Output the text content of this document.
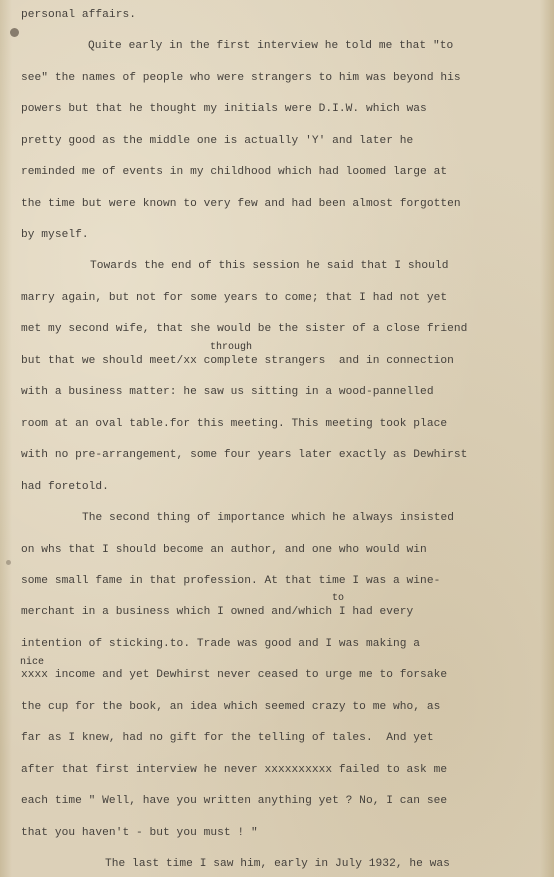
personal affairs.
Quite early in the first interview he told me that "to
see" the names of people who were strangers to him was beyond his
powers but that he thought my initials were D.I.W. which was
pretty good as the middle one is actually 'Y' and later he
reminded me of events in my childhood which had loomed large at
the time but were known to very few and had been almost forgotten
by myself.
Towards the end of this session he said that I should
marry again, but not for some years to come; that I had not yet
met my second wife, that she would be the sister of a close friend
through
but that we should meet/xx complete strangers  and in connection
with a business matter: he saw us sitting in a wood-pannelled
room at an oval table.for this meeting. This meeting took place
with no pre-arrangement, some four years later exactly as Dewhirst
had foretold.
The second thing of importance which he always insisted
on whs that I should become an author, and one who would win
some small fame in that profession. At that time I was a wine-
to
merchant in a business which I owned and/which I had every
intention of sticking.to. Trade was good and I was making a
nice
xxxx income and yet Dewhirst never ceased to urge me to forsake
the cup for the book, an idea which seemed crazy to me who, as
far as I knew, had no gift for the telling of tales.  And yet
after that first interview he never xxxxxxxxxx failed to ask me
each time " Well, have you written anything yet ? No, I can see
that you haven't - but you must ! "
The last time I saw him, early in July 1932, he was
